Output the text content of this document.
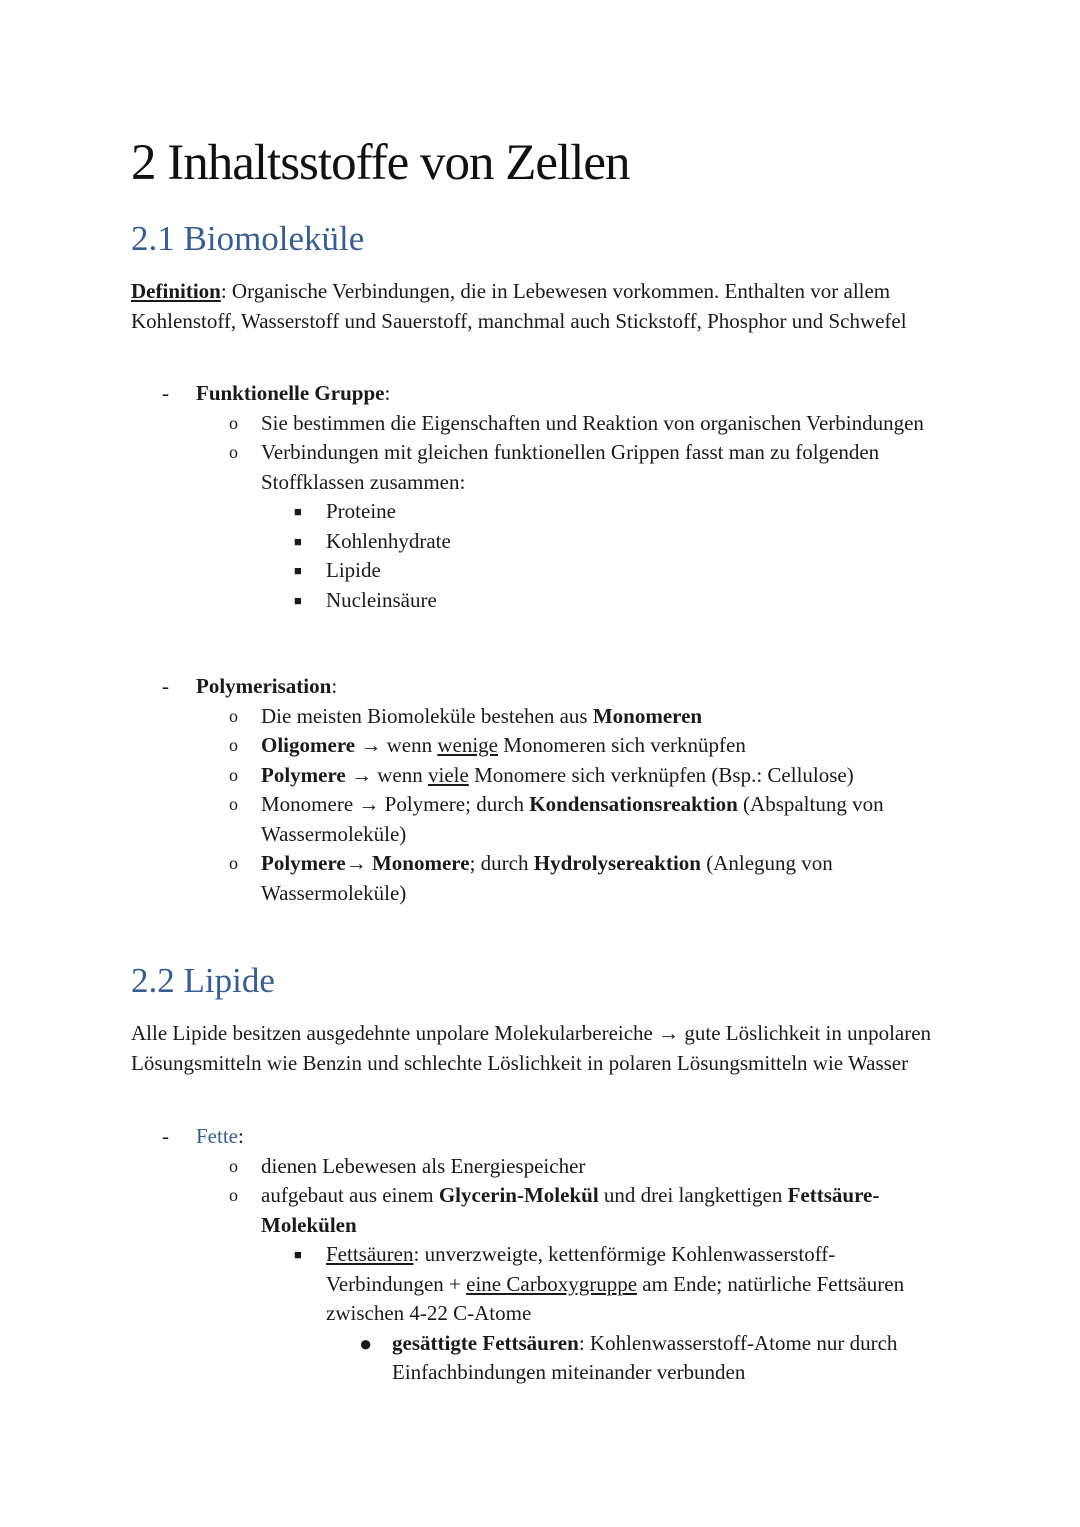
2 Inhaltsstoffe von Zellen
2.1 Biomoleküle

Definition: Organische Verbindungen, die in Lebewesen vorkommen. Enthalten vor allem Kohlenstoff, Wasserstoff und Sauerstoff, manchmal auch Stickstoff, Phosphor und Schwefel

- Funktionelle Gruppe:
o Sie bestimmen die Eigenschaften und Reaktion von organischen Verbindungen
o Verbindungen mit gleichen funktionellen Grippen fasst man zu folgenden Stoffklassen zusammen:
■ Proteine
■ Kohlenhydrate
■ Lipide
■ Nucleinsäure
- Polymerisation:
o Die meisten Biomoleküle bestehen aus Monomeren
o Oligomere → wenn wenige Monomeren sich verknüpfen
o Polymere → wenn viele Monomere sich verknüpfen (Bsp.: Cellulose)
o Monomere → Polymere; durch Kondensationsreaktion (Abspaltung von Wassermoleküle)
o Polymere→ Monomere; durch Hydrolysereaktion (Anlegung von Wassermoleküle)
2.2 Lipide

Alle Lipide besitzen ausgedehnte unpolare Molekularbereiche → gute Löslichkeit in unpolaren Lösungsmitteln wie Benzin und schlechte Löslichkeit in polaren Lösungsmitteln wie Wasser

- Fette:
o dienen Lebewesen als Energiespeicher
o aufgebaut aus einem Glycerin-Molekül und drei langkettigen Fettsäure-Molekülen
■ Fettsäuren: unverzweigte, kettenförmige Kohlenwasserstoff-Verbindungen + eine Carboxygruppe am Ende; natürliche Fettsäuren zwischen 4-22 C-Atome
● gesättigte Fettsäuren: Kohlenwasserstoff-Atome nur durch Einfachbindungen miteinander verbunden
